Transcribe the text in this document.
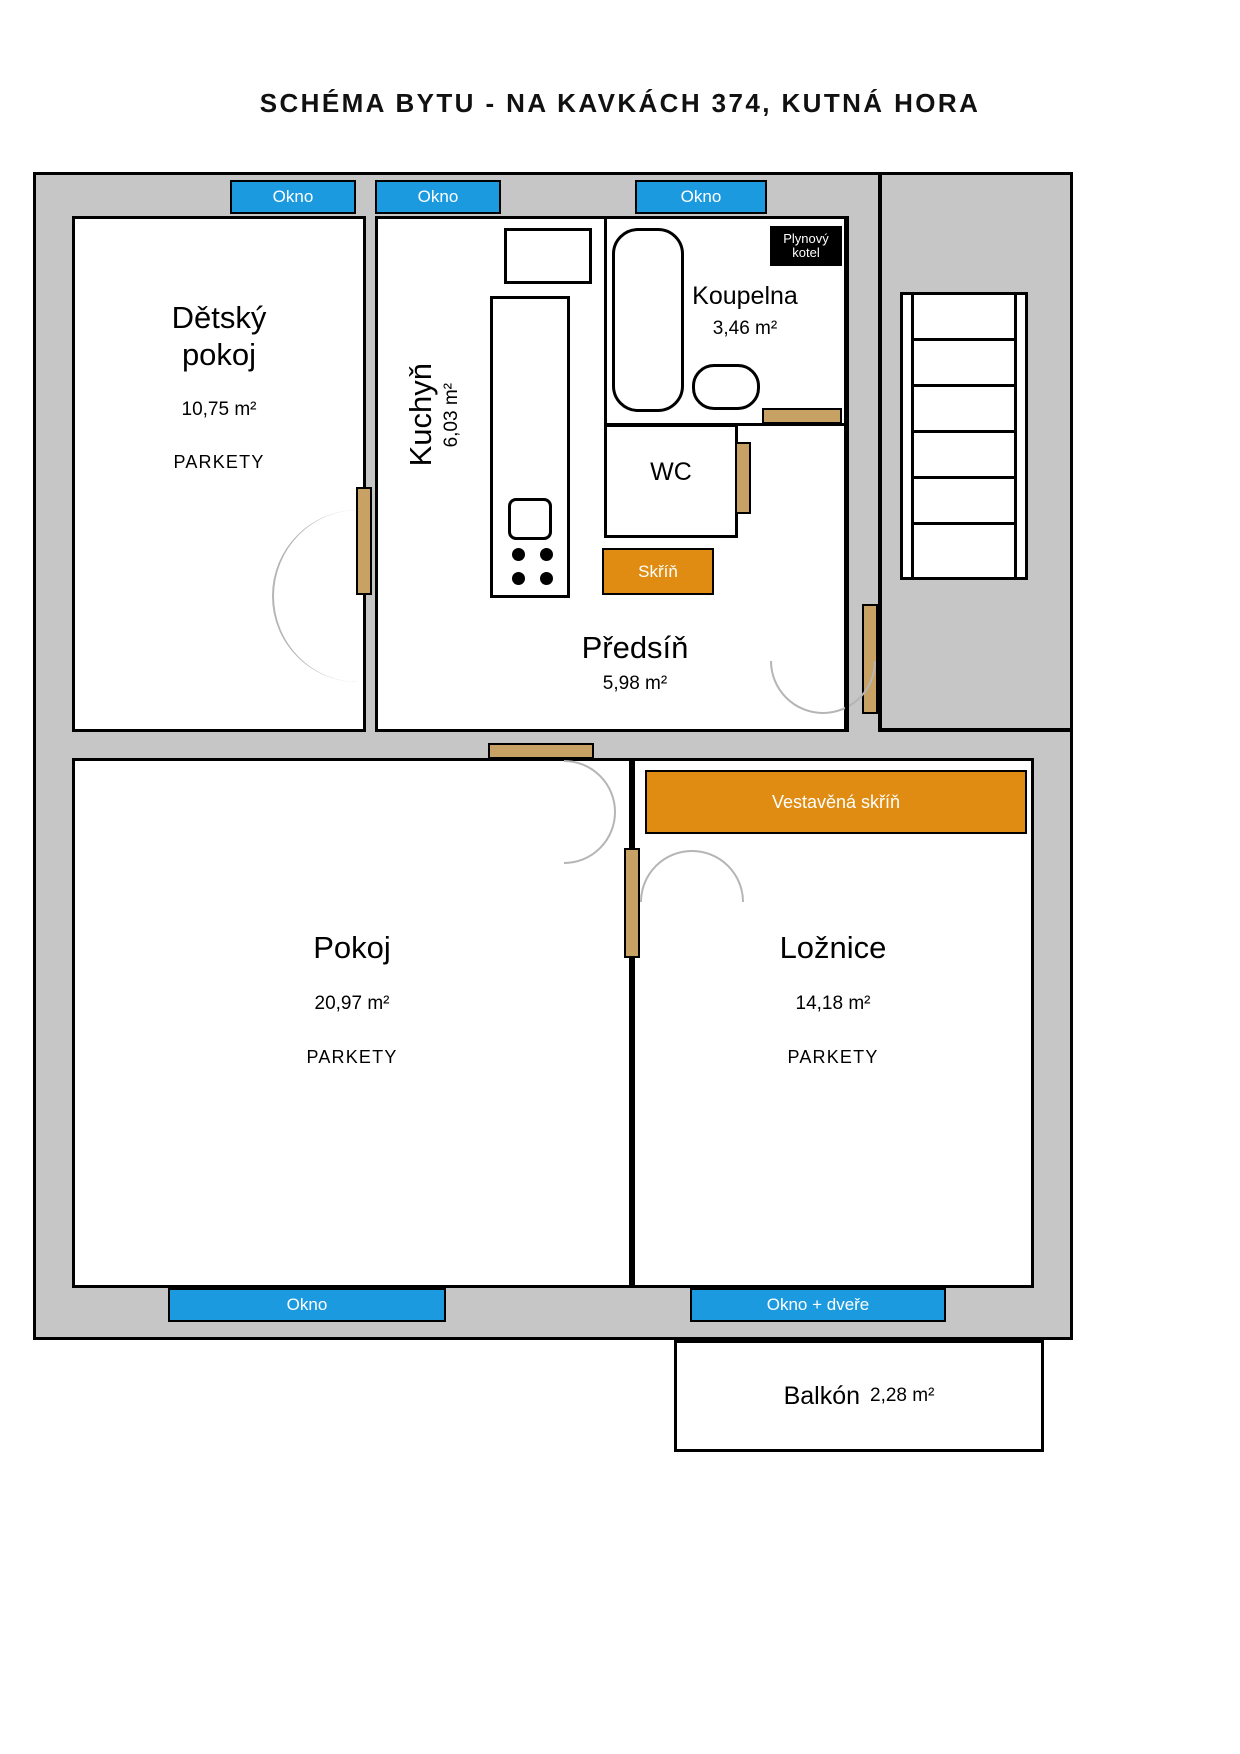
SCHÉMA BYTU - NA KAVKÁCH 374, KUTNÁ HORA
Dětský
pokoj
10,75 m²
PARKETY	Kuchyň 6,03 m²
Předsíň
5,98 m²
Koupelna
3,46 m²
Plynový
kotel
WC
Skříň
Pokoj
20,97 m²
PARKETY
Ložnice
14,18 m²
PARKETY
Vestavěná skříň
Okno	Okno	Okno
Okno	Okno + dveře
Balkón 2,28 m²
